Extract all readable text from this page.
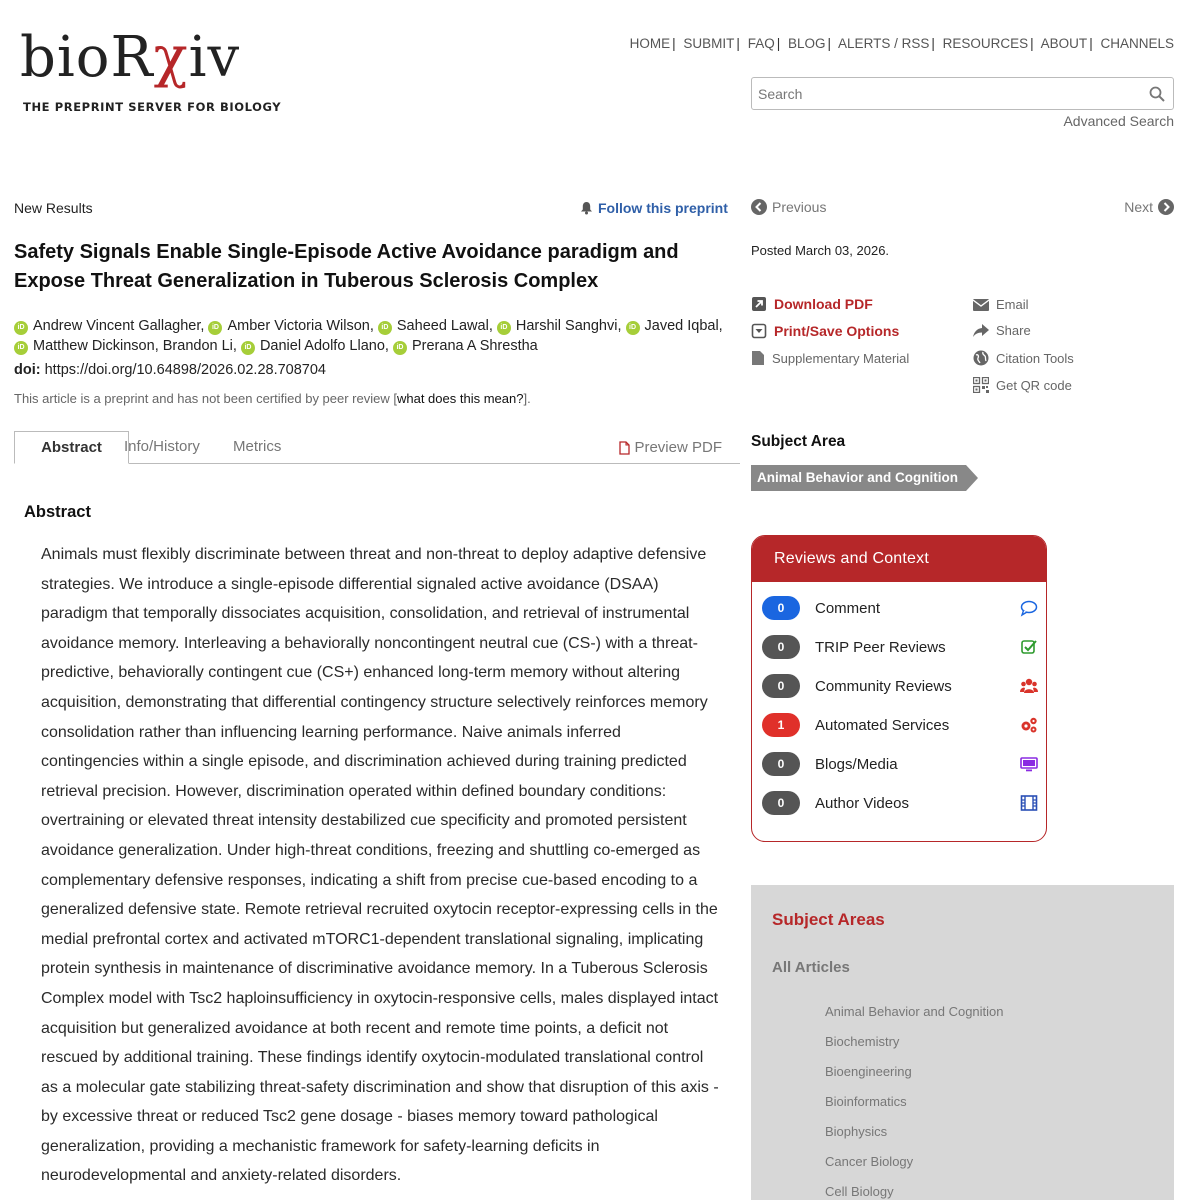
bioRχiv
THE PREPRINT SERVER FOR BIOLOGY
HOME | SUBMIT | FAQ | BLOG | ALERTS / RSS | RESOURCES | ABOUT | CHANNELS
Search
Advanced Search
New Results	Follow this preprint	Previous	Next
Safety Signals Enable Single-Episode Active Avoidance paradigm and Expose Threat Generalization in Tuberous Sclerosis Complex
iD Andrew Vincent Gallagher, iD Amber Victoria Wilson, iD Saheed Lawal, iD Harshil Sanghvi, iD Javed Iqbal, iD Matthew Dickinson, Brandon Li, iD Daniel Adolfo Llano, iD Prerana A Shrestha
doi: https://doi.org/10.64898/2026.02.28.708704
This article is a preprint and has not been certified by peer review [what does this mean?].
Abstract	Info/History Metrics	Preview PDF
Abstract
Animals must flexibly discriminate between threat and non-threat to deploy adaptive defensive strategies. We introduce a single-episode differential signaled active avoidance (DSAA) paradigm that temporally dissociates acquisition, consolidation, and retrieval of instrumental avoidance memory. Interleaving a behaviorally noncontingent neutral cue (CS-) with a threat-predictive, behaviorally contingent cue (CS+) enhanced long-term memory without altering acquisition, demonstrating that differential contingency structure selectively reinforces memory consolidation rather than influencing learning performance. Naive animals inferred contingencies within a single episode, and discrimination achieved during training predicted retrieval precision. However, discrimination operated within defined boundary conditions: overtraining or elevated threat intensity destabilized cue specificity and promoted persistent avoidance generalization. Under high-threat conditions, freezing and shuttling co-emerged as complementary defensive responses, indicating a shift from precise cue-based encoding to a generalized defensive state. Remote retrieval recruited oxytocin receptor-expressing cells in the medial prefrontal cortex and activated mTORC1-dependent translational signaling, implicating protein synthesis in maintenance of discriminative avoidance memory. In a Tuberous Sclerosis Complex model with Tsc2 haploinsufficiency in oxytocin-responsive cells, males displayed intact acquisition but generalized avoidance at both recent and remote time points, a deficit not rescued by additional training. These findings identify oxytocin-modulated translational control as a molecular gate stabilizing threat-safety discrimination and show that disruption of this axis - by excessive threat or reduced Tsc2 gene dosage - biases memory toward pathological generalization, providing a mechanistic framework for safety-learning deficits in neurodevelopmental and anxiety-related disorders.
Posted March 03, 2026.
Download PDF
Print/Save Options
Supplementary Material
Email
Share
Citation Tools
Get QR code
Subject Area
Animal Behavior and Cognition
Reviews and Context
0	Comment
0	TRIP Peer Reviews
0	Community Reviews
1	Automated Services
0	Blogs/Media
0	Author Videos
Subject Areas
All Articles
Animal Behavior and Cognition
Biochemistry
Bioengineering
Bioinformatics
Biophysics
Cancer Biology
Cell Biology
